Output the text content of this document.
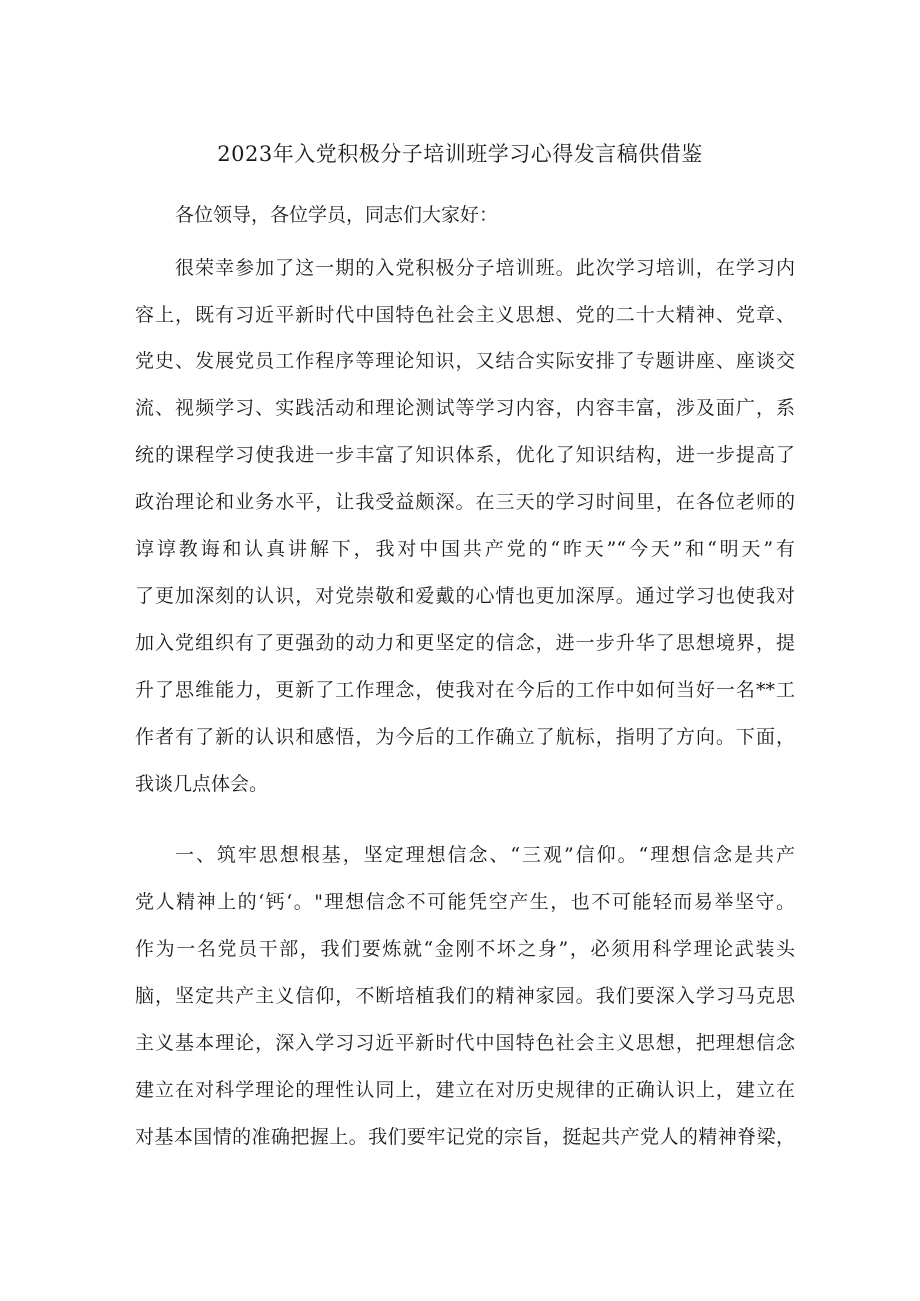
2023年入党积极分子培训班学习心得发言稿供借鉴
各位领导，各位学员，同志们大家好：
很荣幸参加了这一期的入党积极分子培训班。此次学习培训，在学习内
容上，既有习近平新时代中国特色社会主义思想、党的二十大精神、党章、
党史、发展党员工作程序等理论知识，又结合实际安排了专题讲座、座谈交
流、视频学习、实践活动和理论测试等学习内容，内容丰富，涉及面广，系
统的课程学习使我进一步丰富了知识体系，优化了知识结构，进一步提高了
政治理论和业务水平，让我受益颇深。在三天的学习时间里，在各位老师的
谆谆教诲和认真讲解下，我对中国共产党的“昨天”“今天”和“明天”有
了更加深刻的认识，对党崇敬和爱戴的心情也更加深厚。通过学习也使我对
加入党组织有了更强劲的动力和更坚定的信念，进一步升华了思想境界，提
升了思维能力，更新了工作理念，使我对在今后的工作中如何当好一名**工
作者有了新的认识和感悟，为今后的工作确立了航标，指明了方向。下面，
我谈几点体会。
一、筑牢思想根基，坚定理想信念、“三观”信仰。“理想信念是共产
党人精神上的‘钙‘。"理想信念不可能凭空产生，也不可能轻而易举坚守。
作为一名党员干部，我们要炼就“金刚不坏之身”，必须用科学理论武装头
脑，坚定共产主义信仰，不断培植我们的精神家园。我们要深入学习马克思
主义基本理论，深入学习习近平新时代中国特色社会主义思想，把理想信念
建立在对科学理论的理性认同上，建立在对历史规律的正确认识上，建立在
对基本国情的准确把握上。我们要牢记党的宗旨，挺起共产党人的精神脊梁，
